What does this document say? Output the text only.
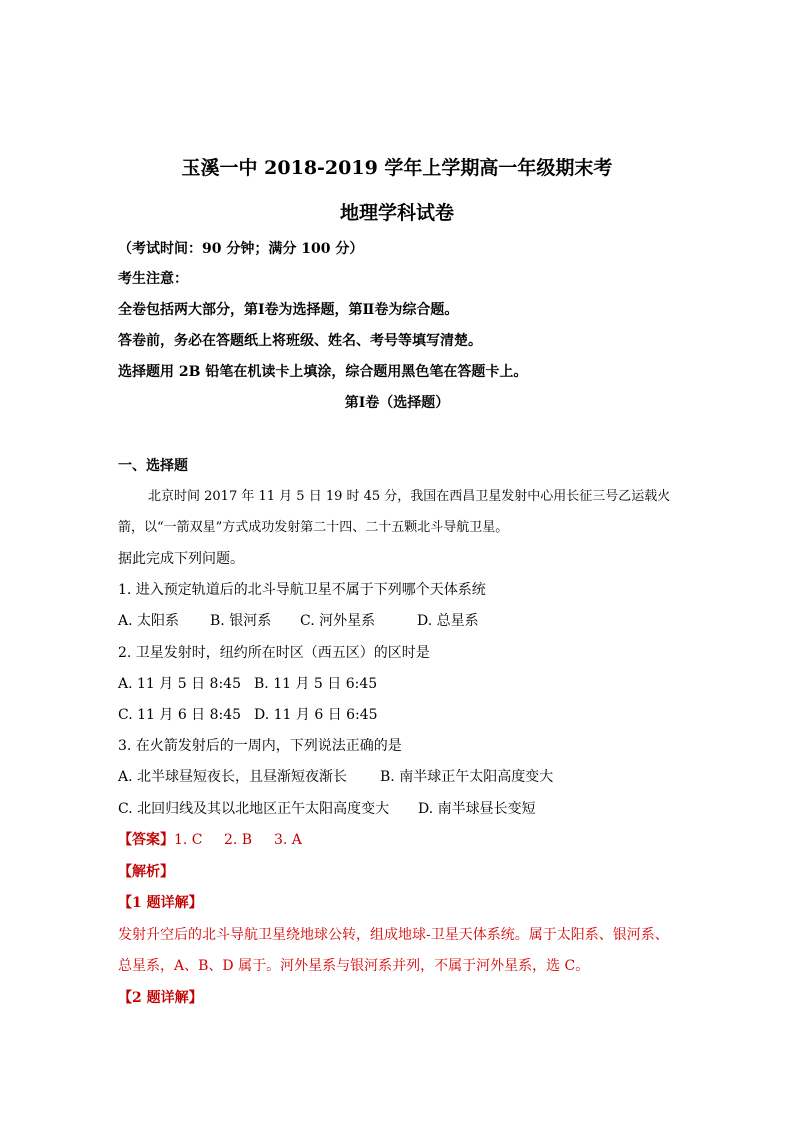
玉溪一中 2018-2019 学年上学期高一年级期末考
地理学科试卷
（考试时间：90 分钟；满分 100 分）
考生注意：
全卷包括两大部分，第Ⅰ卷为选择题，第Ⅱ卷为综合题。
答卷前，务必在答题纸上将班级、姓名、考号等填写清楚。
选择题用 2B 铅笔在机读卡上填涂，综合题用黑色笔在答题卡上。
第Ⅰ卷（选择题）
一、选择题
北京时间 2017 年 11 月 5 日 19 时 45 分，我国在西昌卫星发射中心用长征三号乙运载火
箭，以“一箭双星”方式成功发射第二十四、二十五颗北斗导航卫星。
据此完成下列问题。
1. 进入预定轨道后的北斗导航卫星不属于下列哪个天体系统
A. 太阳系 B. 银河系 C. 河外星系	D. 总星系
2. 卫星发射时，纽约所在时区（西五区）的区时是
A. 11 月 5 日 8:45 B. 11 月 5 日 6:45
C. 11 月 6 日 8:45 D. 11 月 6 日 6:45
3. 在火箭发射后的一周内，下列说法正确的是
A. 北半球昼短夜长，且昼渐短夜渐长 B. 南半球正午太阳高度变大
C. 北回归线及其以北地区正午太阳高度变大 D. 南半球昼长变短
【答案】1. C 2. B 3. A
【解析】
【1 题详解】
发射升空后的北斗导航卫星绕地球公转，组成地球-卫星天体系统。属于太阳系、银河系、
总星系，A、B、D 属于。河外星系与银河系并列，不属于河外星系，选 C。
【2 题详解】
